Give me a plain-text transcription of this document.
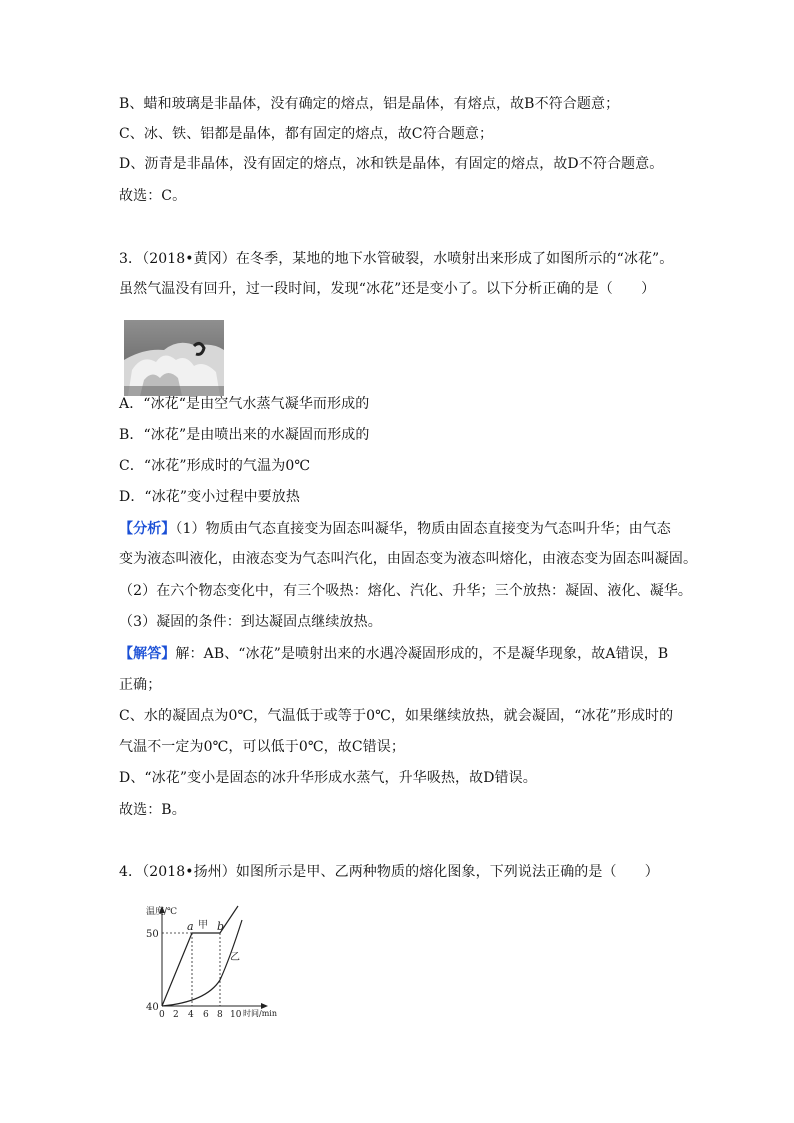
B、蜡和玻璃是非晶体，没有确定的熔点，铝是晶体，有熔点，故B不符合题意；
C、冰、铁、铝都是晶体，都有固定的熔点，故C符合题意；
D、沥青是非晶体，没有固定的熔点，冰和铁是晶体，有固定的熔点，故D不符合题意。
故选：C。
3．（2018•黄冈）在冬季，某地的地下水管破裂，水喷射出来形成了如图所示的“冰花”。
虽然气温没有回升，过一段时间，发现“冰花”还是变小了。以下分析正确的是（　　）
A．“冰花“是由空气水蒸气凝华而形成的
B．“冰花”是由喷出来的水凝固而形成的
C．“冰花”形成时的气温为0℃
D．“冰花”变小过程中要放热
【分析】（1）物质由气态直接变为固态叫凝华，物质由固态直接变为气态叫升华；由气态
变为液态叫液化，由液态变为气态叫汽化，由固态变为液态叫熔化，由液态变为固态叫凝固。
（2）在六个物态变化中，有三个吸热：熔化、汽化、升华；三个放热：凝固、液化、凝华。
（3）凝固的条件：到达凝固点继续放热。
【解答】解：AB、“冰花”是喷射出来的水遇冷凝固形成的，不是凝华现象，故A错误，B
正确；
C、水的凝固点为0℃，气温低于或等于0℃，如果继续放热，就会凝固，“冰花”形成时的
气温不一定为0℃，可以低于0℃，故C错误；
D、“冰花”变小是固态的冰升华形成水蒸气，升华吸热，故D错误。
故选：B。
4．（2018•扬州）如图所示是甲、乙两种物质的熔化图象，下列说法正确的是（　　）
温度/℃
50
40
0 2 4 6 8 10 时间/min
a 甲 b
乙
